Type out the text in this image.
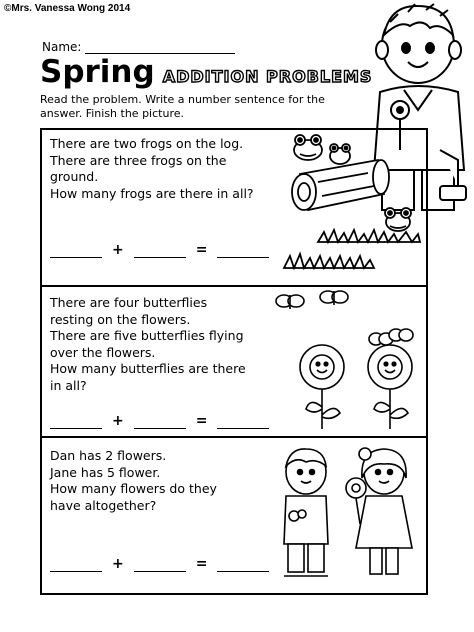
©Mrs. Vanessa Wong 2014
Name:
Spring ADDITION PROBLEMS
Read the problem. Write a number sentence for the
answer. Finish the picture.
There are two frogs on the log.
There are three frogs on the
ground.
How many frogs are there in all?
+	=
There are four butterflies
resting on the flowers.
There are five butterflies flying
over the flowers.
How many butterflies are there
in all?
+	=
Dan has 2 flowers.
Jane has 5 flower.
How many flowers do they
have altogether?
+	=
